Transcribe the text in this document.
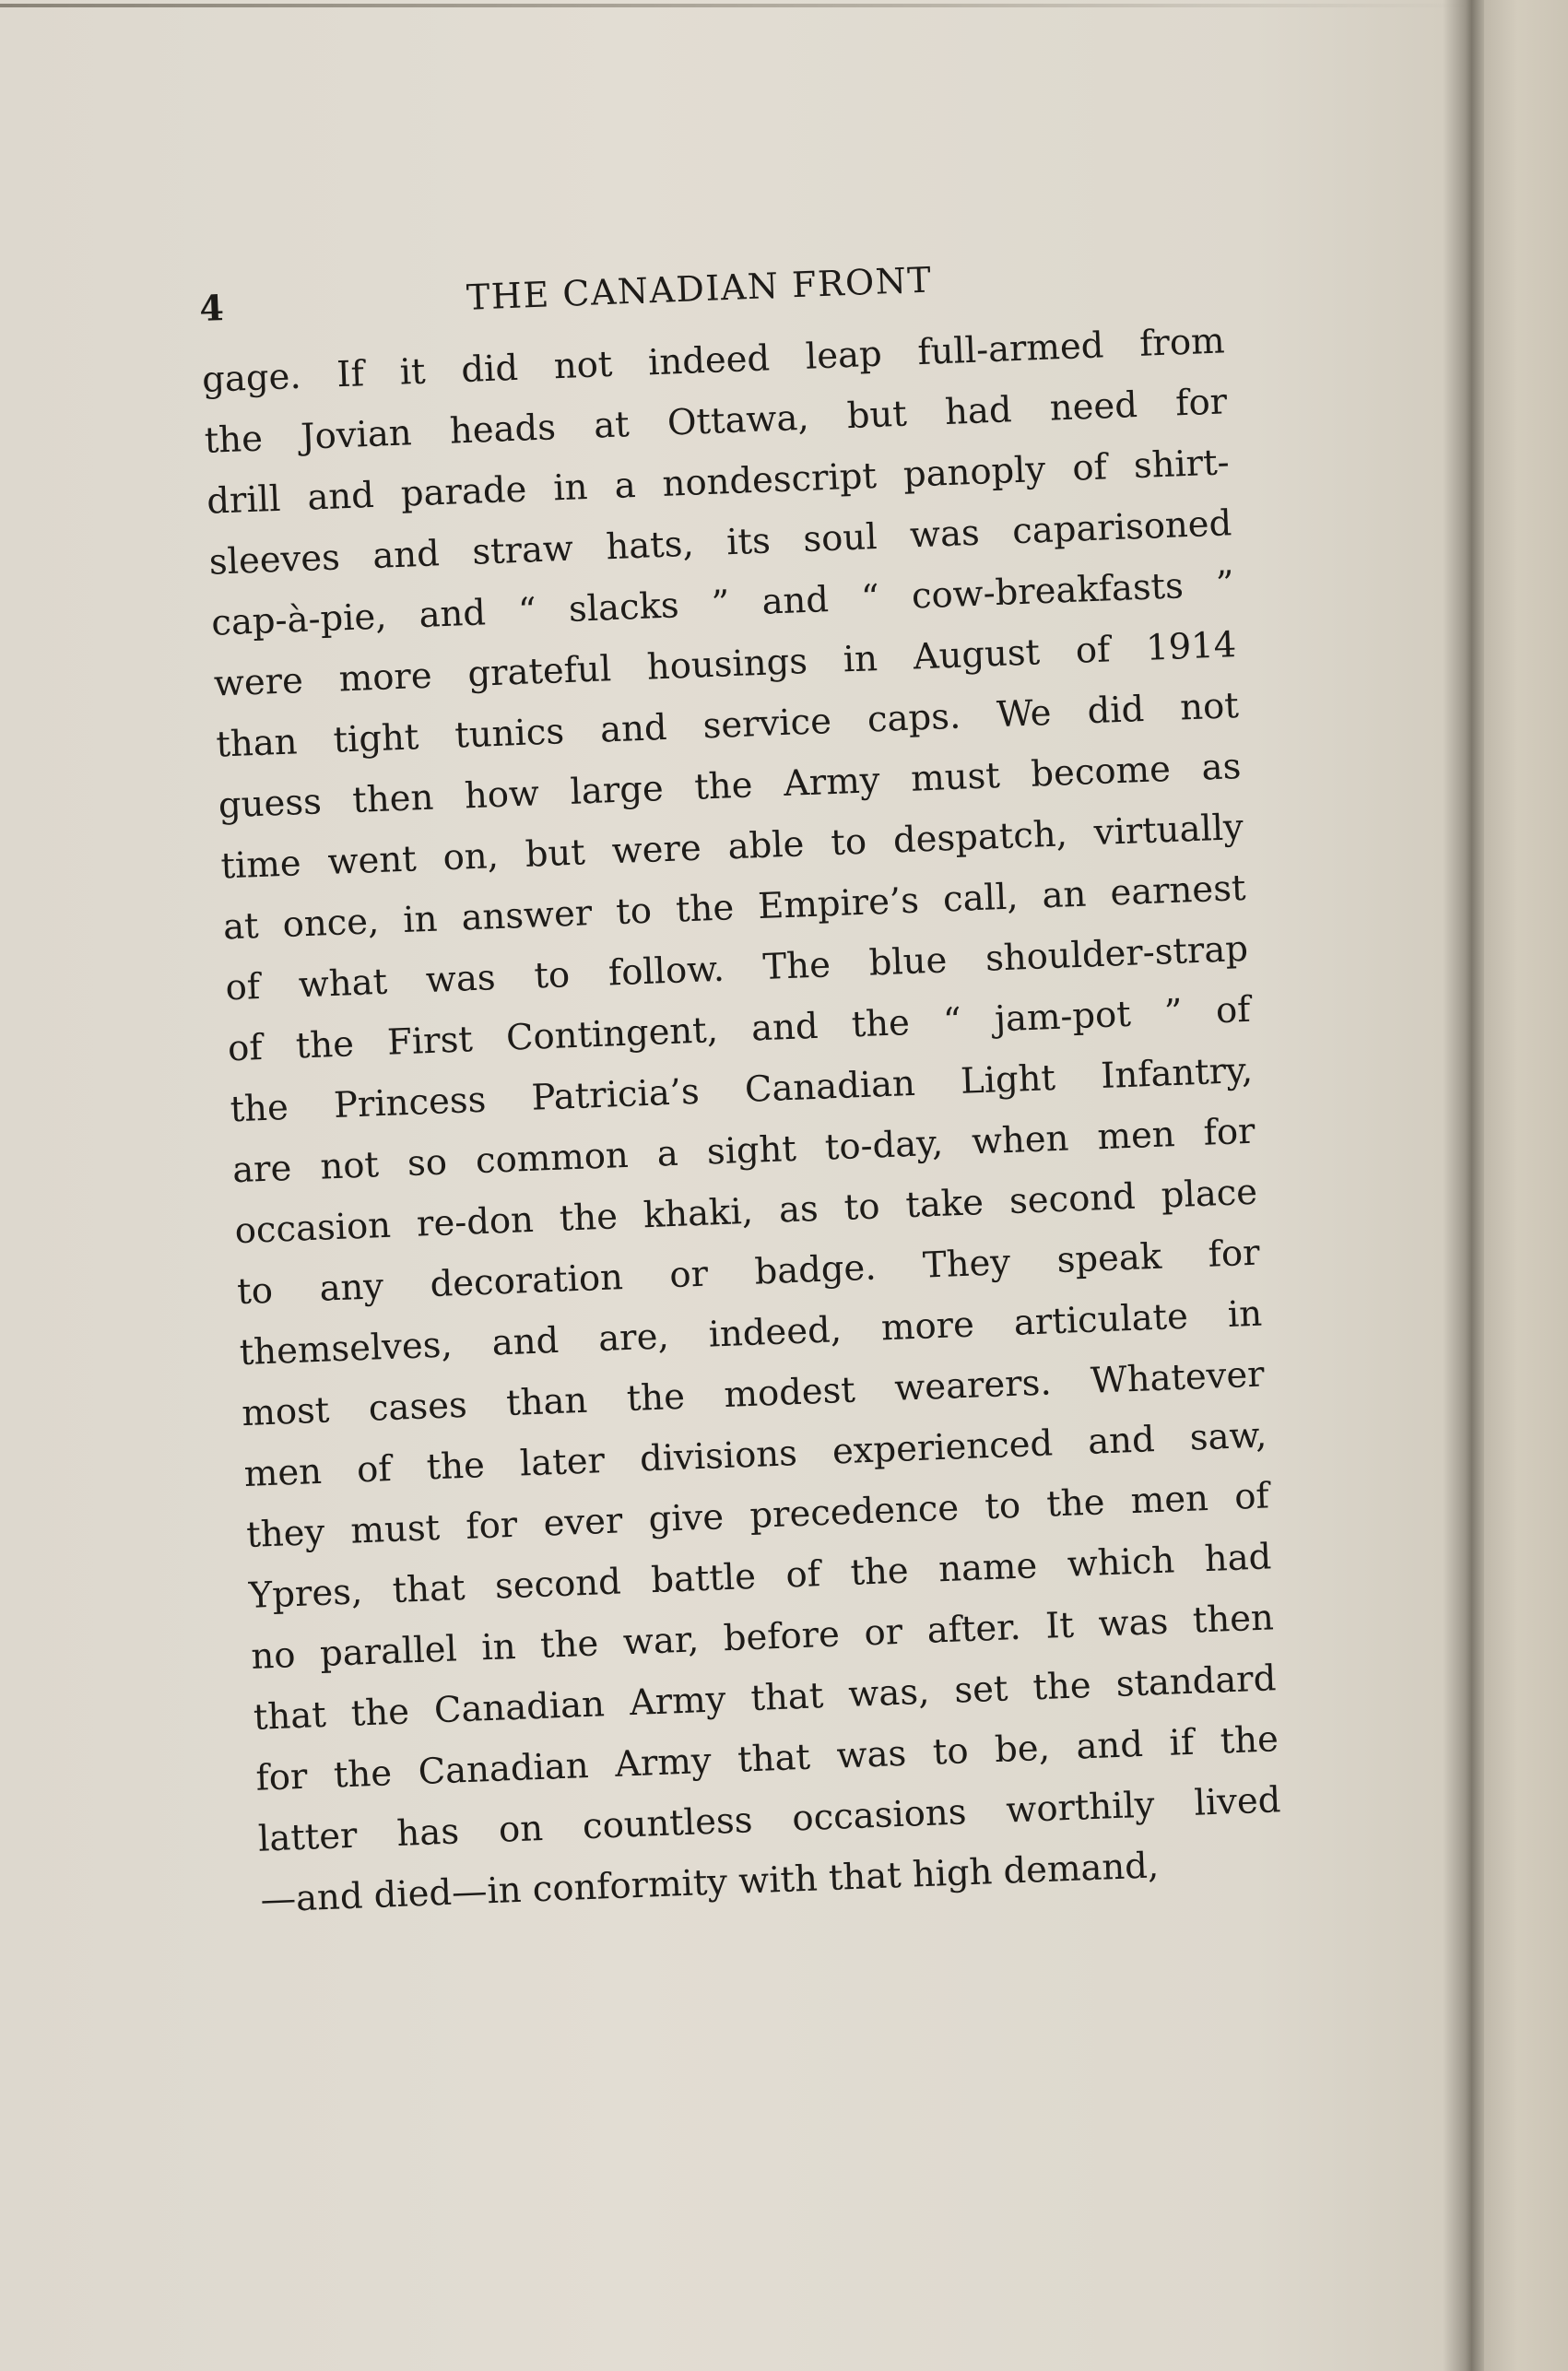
4	THE CANADIAN FRONT
gage. If it did not indeed leap full-armed from
the Jovian heads at Ottawa, but had need for
drill and parade in a nondescript panoply of shirt-
sleeves and straw hats, its soul was caparisoned
cap-à-pie, and “ slacks ” and “ cow-breakfasts ”
were more grateful housings in August of 1914
than tight tunics and service caps. We did not
guess then how large the Army must become as
time went on, but were able to despatch, virtually
at once, in answer to the Empire’s call, an earnest
of what was to follow. The blue shoulder-strap
of the First Contingent, and the “ jam-pot ” of
the Princess Patricia’s Canadian Light Infantry,
are not so common a sight to-day, when men for
occasion re-don the khaki, as to take second place
to any decoration or badge. They speak for
themselves, and are, indeed, more articulate in
most cases than the modest wearers. Whatever
men of the later divisions experienced and saw,
they must for ever give precedence to the men of
Ypres, that second battle of the name which had
no parallel in the war, before or after. It was then
that the Canadian Army that was, set the standard
for the Canadian Army that was to be, and if the
latter has on countless occasions worthily lived
—and died—in conformity with that high demand,
